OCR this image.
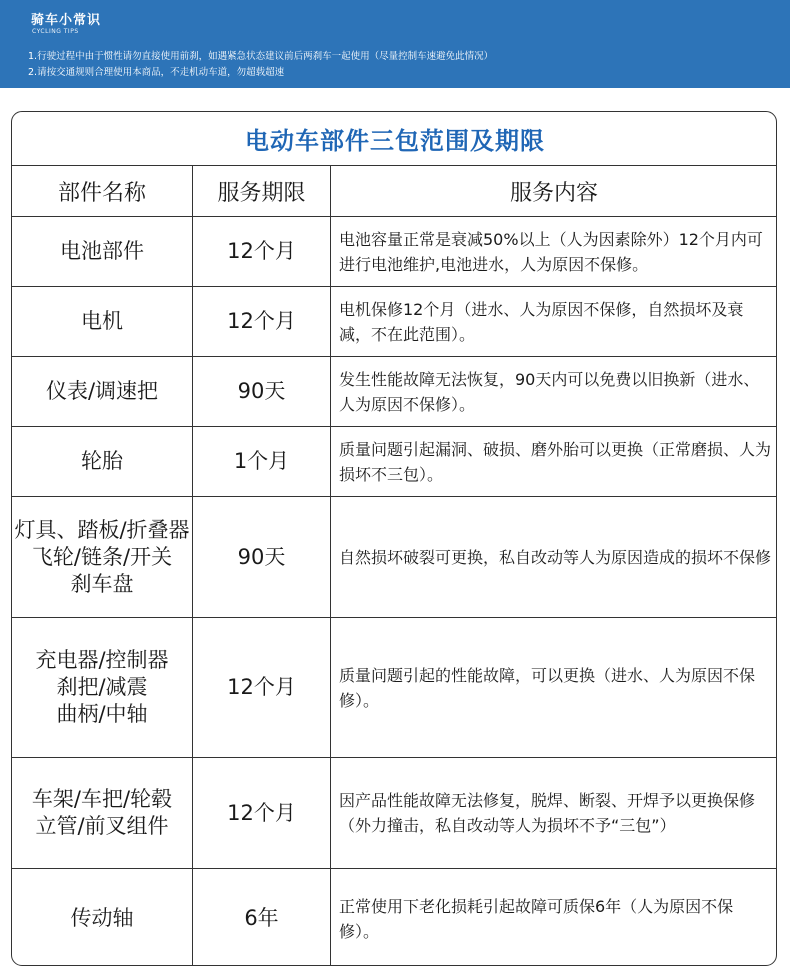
骑车小常识
CYCLING TIPS
1.行驶过程中由于惯性请勿直接使用前刹，如遇紧急状态建议前后两刹车一起使用（尽量控制车速避免此情况）
2.请按交通规则合理使用本商品，不走机动车道，勿超载超速
电动车部件三包范围及期限
部件名称	服务期限	服务内容
电池部件	12个月	电池容量正常是衰减50%以上（人为因素除外）12个月内可进行电池维护,电池进水，人为原因不保修。
电机	12个月	电机保修12个月（进水、人为原因不保修，自然损坏及衰减，不在此范围）。
仪表/调速把	90天	发生性能故障无法恢复，90天内可以免费以旧换新（进水、人为原因不保修）。
轮胎	1个月	质量问题引起漏洞、破损、磨外胎可以更换（正常磨损、人为损坏不三包）。
灯具、踏板/折叠器
飞轮/链条/开关
刹车盘	90天	自然损坏破裂可更换，私自改动等人为原因造成的损坏不保修
充电器/控制器
刹把/减震
曲柄/中轴	12个月	质量问题引起的性能故障，可以更换（进水、人为原因不保修）。
车架/车把/轮毂
立管/前叉组件	12个月	因产品性能故障无法修复，脱焊、断裂、开焊予以更换保修（外力撞击，私自改动等人为损坏不予“三包”）
传动轴	6年	正常使用下老化损耗引起故障可质保6年（人为原因不保修）。
